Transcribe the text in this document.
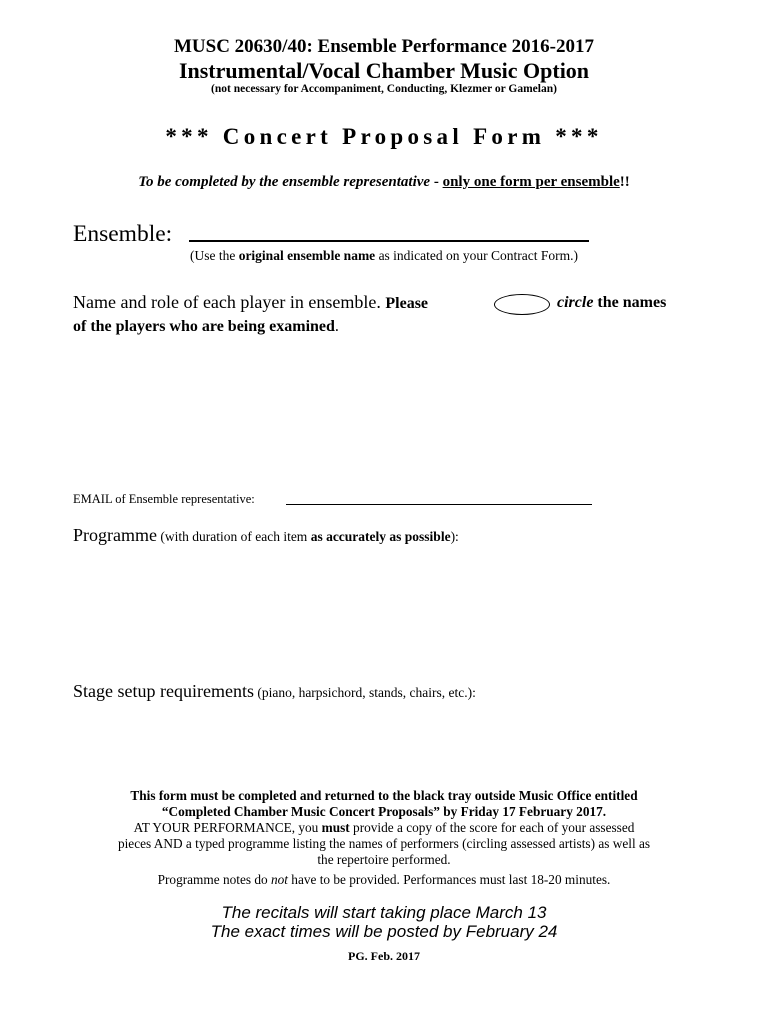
MUSC 20630/40: Ensemble Performance 2016-2017
Instrumental/Vocal Chamber Music Option
(not necessary for Accompaniment, Conducting, Klezmer or Gamelan)
*** Concert Proposal Form ***
To be completed by the ensemble representative - only one form per ensemble!!
Ensemble:
(Use the original ensemble name as indicated on your Contract Form.)
Name and role of each player in ensemble. Please	circle the names
of the players who are being examined.
EMAIL of Ensemble representative:
Programme (with duration of each item as accurately as possible):
Stage setup requirements (piano, harpsichord, stands, chairs, etc.):
This form must be completed and returned to the black tray outside Music Office entitled
“Completed Chamber Music Concert Proposals” by Friday 17 February 2017.
AT YOUR PERFORMANCE, you must provide a copy of the score for each of your assessed
pieces AND a typed programme listing the names of performers (circling assessed artists) as well as
the repertoire performed.
Programme notes do not have to be provided. Performances must last 18-20 minutes.
The recitals will start taking place March 13
The exact times will be posted by February 24
PG. Feb. 2017
